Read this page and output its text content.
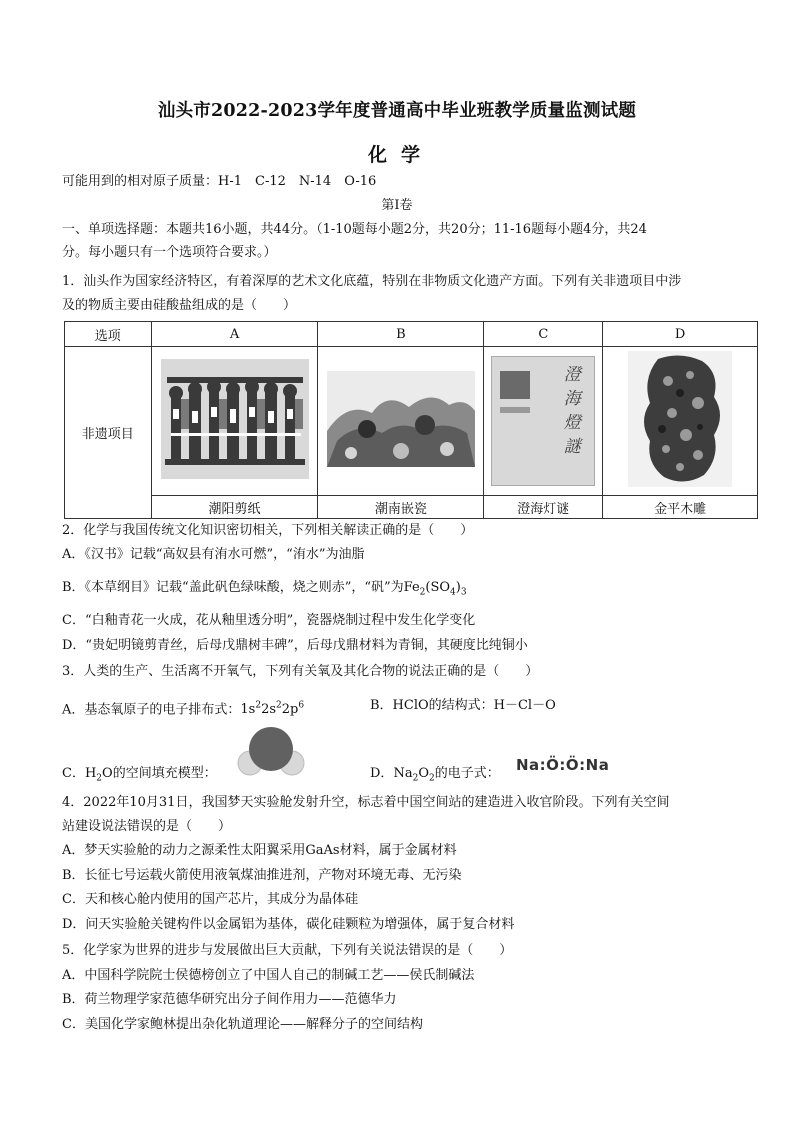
汕头市2022-2023学年度普通高中毕业班教学质量监测试题
化学
可能用到的相对原子质量：H-1　C-12　N-14　O-16
第Ⅰ卷
一、单项选择题：本题共16小题，共44分。（1-10题每小题2分，共20分；11-16题每小题4分，共24
分。每小题只有一个选项符合要求。）
1．汕头作为国家经济特区，有着深厚的艺术文化底蕴，特别在非物质文化遗产方面。下列有关非遗项目中涉
及的物质主要由硅酸盐组成的是（　　）
选项	A	B	C	D
非遗项目			澄海燈謎

	潮阳剪纸	潮南嵌瓷	澄海灯谜	金平木雕
2．化学与我国传统文化知识密切相关，下列相关解读正确的是（　　）
A．《汉书》记载“高奴县有洧水可燃”，“洧水”为油脂
B．《本草纲目》记载“盖此矾色绿味酸，烧之则赤”，“矾”为$Fe_2(SO_4)_3$
C．“白釉青花一火成，花从釉里透分明”，瓷器烧制过程中发生化学变化
D．“贵妃明镜剪青丝，后母戊鼎树丰碑”，后母戊鼎材料为青铜，其硬度比纯铜小
3．人类的生产、生活离不开氧气，下列有关氧及其化合物的说法正确的是（　　）
A．基态氧原子的电子排布式：$1s^22s^22p^6$	B．HClO的结构式：H－Cl－O
C．$H_2O$的空间填充模型：	D．$Na_2O_2$的电子式： Na:Ö:Ö:Na
4．2022年10月31日，我国梦天实验舱发射升空，标志着中国空间站的建造进入收官阶段。下列有关空间
站建设说法错误的是（　　）
A．梦天实验舱的动力之源柔性太阳翼采用GaAs材料，属于金属材料
B．长征七号运载火箭使用液氧煤油推进剂，产物对环境无毒、无污染
C．天和核心舱内使用的国产芯片，其成分为晶体硅
D．问天实验舱关键构件以金属铝为基体，碳化硅颗粒为增强体，属于复合材料
5．化学家为世界的进步与发展做出巨大贡献，下列有关说法错误的是（　　）
A．中国科学院院士侯德榜创立了中国人自己的制碱工艺——侯氏制碱法
B．荷兰物理学家范德华研究出分子间作用力——范德华力
C．美国化学家鲍林提出杂化轨道理论——解释分子的空间结构
